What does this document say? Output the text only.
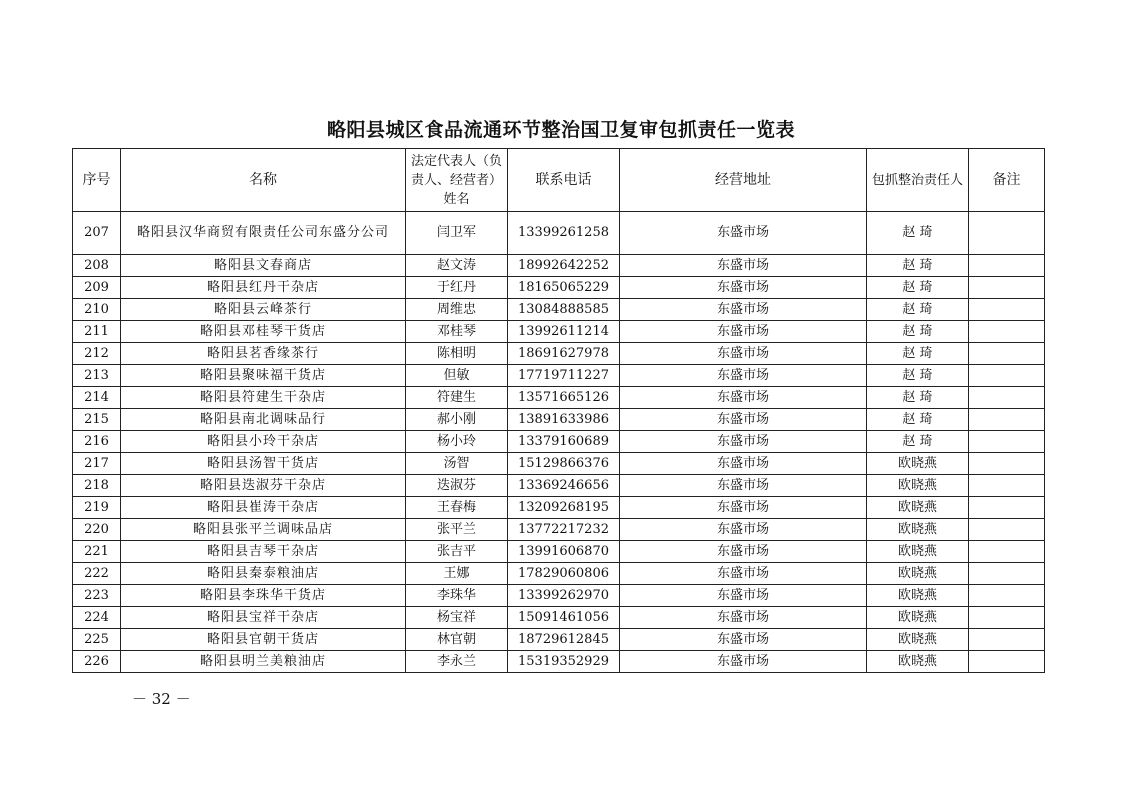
略阳县城区食品流通环节整治国卫复审包抓责任一览表
序号	名称	法定代表人（负责人、经营者）姓名	联系电话	经营地址	包抓整治责任人	备注
207	略阳县汉华商贸有限责任公司东盛分公司	闫卫军	13399261258	东盛市场	赵 琦	
208	略阳县文春商店	赵文涛	18992642252	东盛市场	赵 琦	
209	略阳县红丹干杂店	于红丹	18165065229	东盛市场	赵 琦	
210	略阳县云峰茶行	周维忠	13084888585	东盛市场	赵 琦	
211	略阳县邓桂琴干货店	邓桂琴	13992611214	东盛市场	赵 琦	
212	略阳县茗香缘茶行	陈相明	18691627978	东盛市场	赵 琦	
213	略阳县聚味福干货店	但敏	17719711227	东盛市场	赵 琦	
214	略阳县符建生干杂店	符建生	13571665126	东盛市场	赵 琦	
215	略阳县南北调味品行	郝小刚	13891633986	东盛市场	赵 琦	
216	略阳县小玲干杂店	杨小玲	13379160689	东盛市场	赵 琦	
217	略阳县汤智干货店	汤智	15129866376	东盛市场	欧晓燕	
218	略阳县迭淑芬干杂店	迭淑芬	13369246656	东盛市场	欧晓燕	
219	略阳县崔涛干杂店	王春梅	13209268195	东盛市场	欧晓燕	
220	略阳县张平兰调味品店	张平兰	13772217232	东盛市场	欧晓燕	
221	略阳县吉琴干杂店	张吉平	13991606870	东盛市场	欧晓燕	
222	略阳县秦泰粮油店	王娜	17829060806	东盛市场	欧晓燕	
223	略阳县李珠华干货店	李珠华	13399262970	东盛市场	欧晓燕	
224	略阳县宝祥干杂店	杨宝祥	15091461056	东盛市场	欧晓燕	
225	略阳县官朝干货店	林官朝	18729612845	东盛市场	欧晓燕	
226	略阳县明兰美粮油店	李永兰	15319352929	东盛市场	欧晓燕	
－ 32 －
